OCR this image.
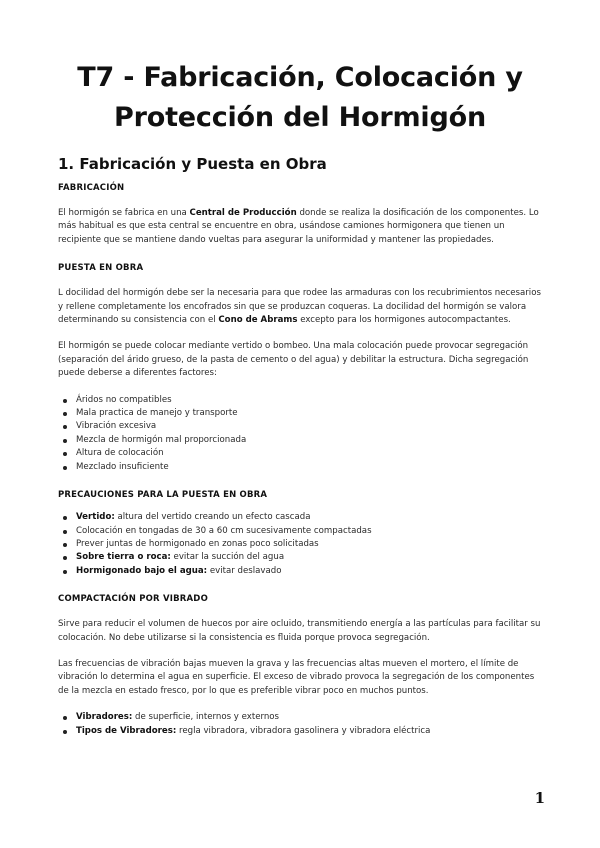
T7 - Fabricación, Colocación y
Protección del Hormigón
1. Fabricación y Puesta en Obra
FABRICACIÓN

El hormigón se fabrica en una Central de Producción donde se realiza la dosificación de los componentes. Lo más habitual es que esta central se encuentre en obra, usándose camiones hormigonera que tienen un recipiente que se mantiene dando vueltas para asegurar la uniformidad y mantener las propiedades.

PUESTA EN OBRA

L docilidad del hormigón debe ser la necesaria para que rodee las armaduras con los recubrimientos necesarios y rellene completamente los encofrados sin que se produzcan coqueras. La docilidad del hormigón se valora determinando su consistencia con el Cono de Abrams excepto para los hormigones autocompactantes.

El hormigón se puede colocar mediante vertido o bombeo. Una mala colocación puede provocar segregación (separación del árido grueso, de la pasta de cemento o del agua) y debilitar la estructura. Dicha segregación puede deberse a diferentes factores:

Áridos no compatibles
Mala practica de manejo y transporte
Vibración excesiva
Mezcla de hormigón mal proporcionada
Altura de colocación
Mezclado insuficiente
PRECAUCIONES PARA LA PUESTA EN OBRA
Vertido: altura del vertido creando un efecto cascada
Colocación en tongadas de 30 a 60 cm sucesivamente compactadas
Prever juntas de hormigonado en zonas poco solicitadas
Sobre tierra o roca: evitar la succión del agua
Hormigonado bajo el agua: evitar deslavado
COMPACTACIÓN POR VIBRADO

Sirve para reducir el volumen de huecos por aire ocluido, transmitiendo energía a las partículas para facilitar su colocación. No debe utilizarse si la consistencia es fluida porque provoca segregación.

Las frecuencias de vibración bajas mueven la grava y las frecuencias altas mueven el mortero, el límite de vibración lo determina el agua en superficie. El exceso de vibrado provoca la segregación de los componentes de la mezcla en estado fresco, por lo que es preferible vibrar poco en muchos puntos.

Vibradores: de superficie, internos y externos
Tipos de Vibradores: regla vibradora, vibradora gasolinera y vibradora eléctrica
1
